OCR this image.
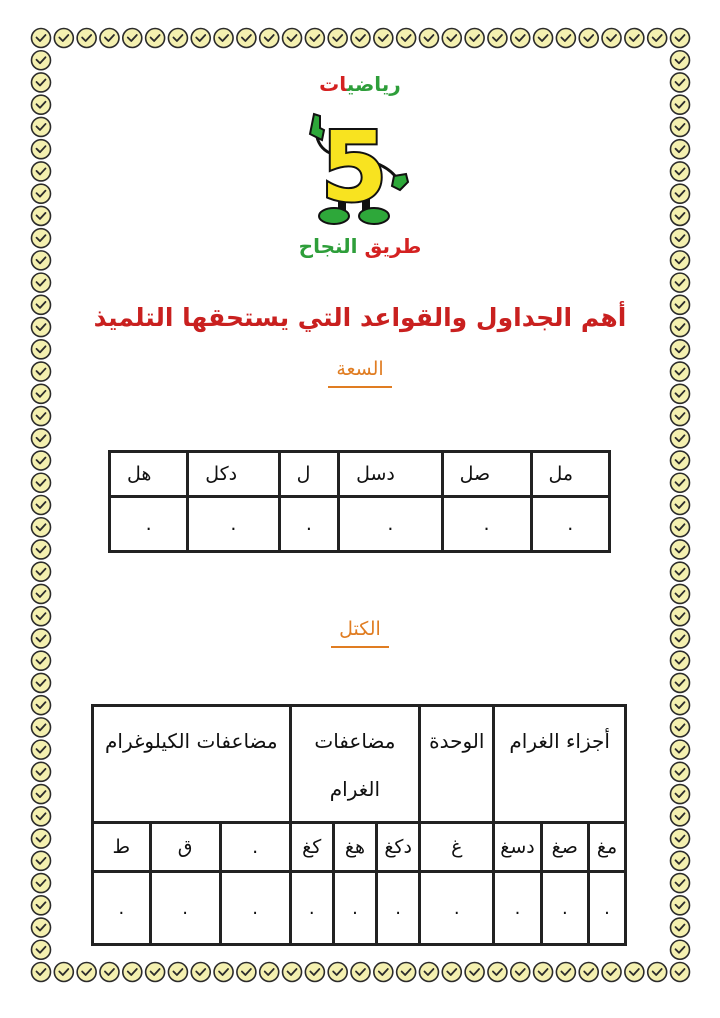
رياضيات
5
طريق النجاح
أهم الجداول والقواعد التي يستحقها التلميذ
السعة
مل	صل	دسل	ل	دكل	هل
.	.	.	.	.	.
الكتل
أجزاء الغرام			الوحدة	مضاعفات الغرام			مضاعفات الكيلوغرام		
مغ	صغ	دسغ	غ	دكغ	هغ	كغ	.	ق	ط
.	.	.	.	.	.	.	.	.	.
